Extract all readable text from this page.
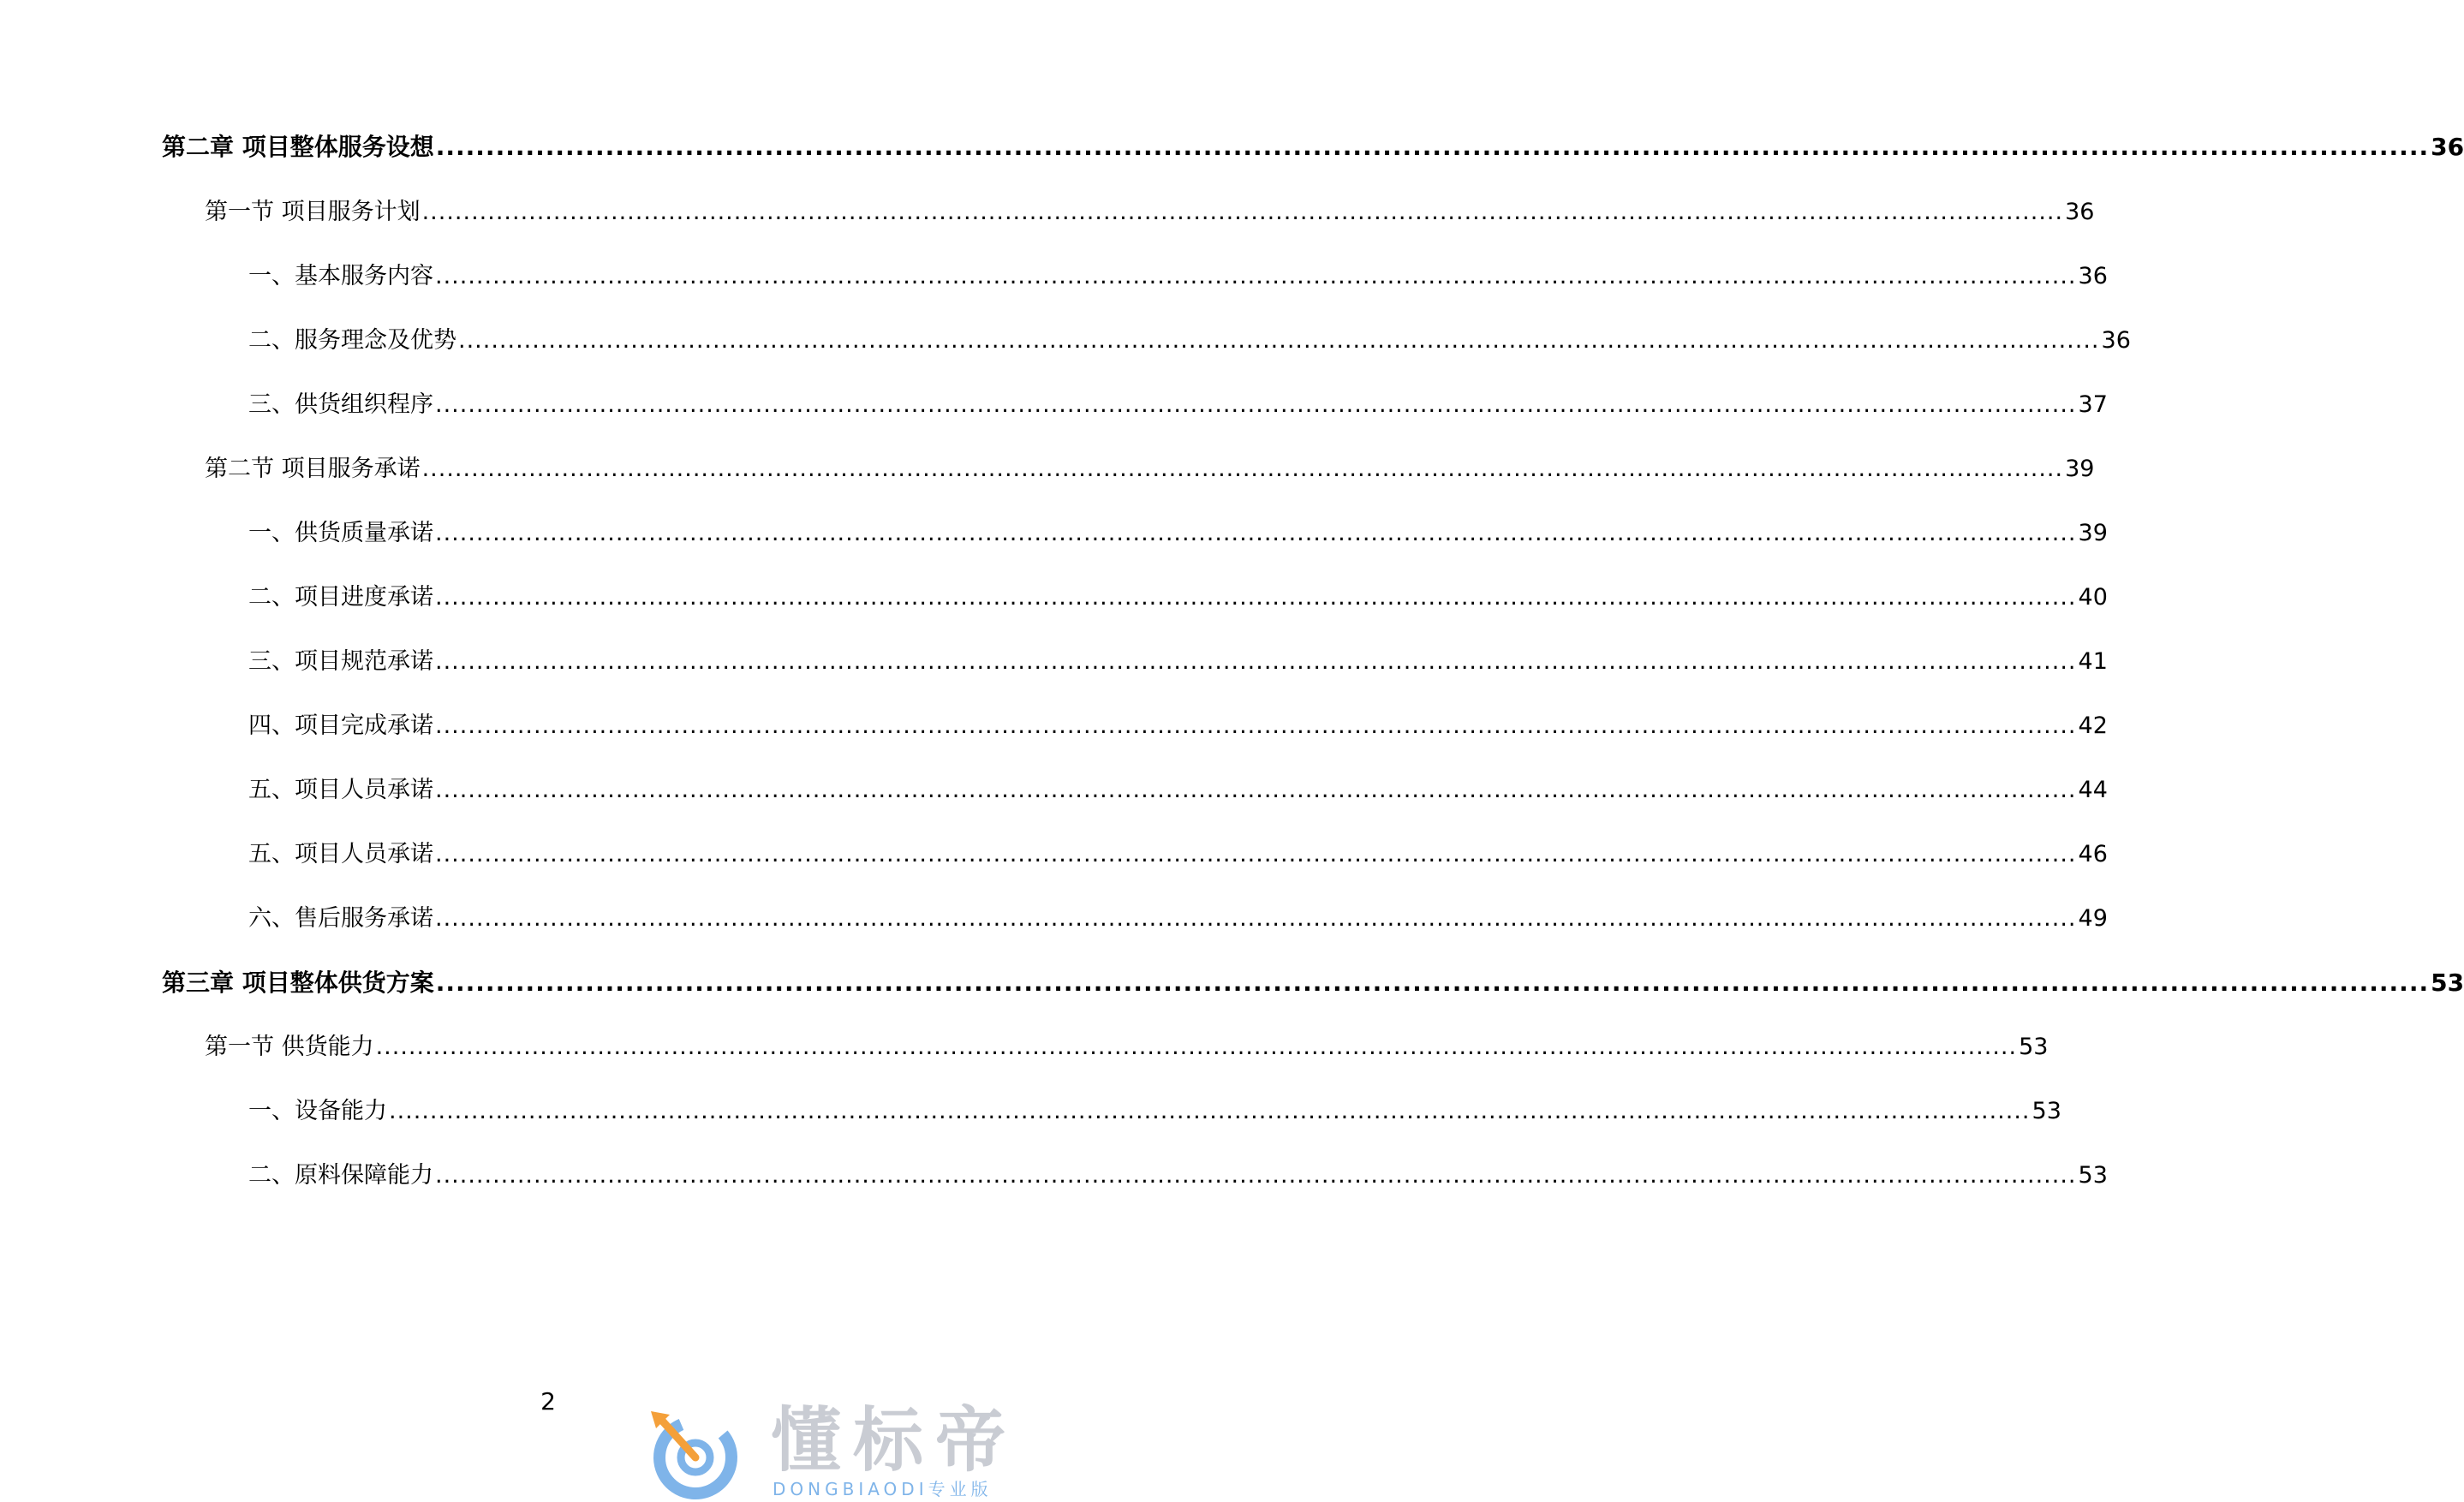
第二章 项目整体服务设想 ........................................................................................................................................................................................................ 36
第一节 项目服务计划 ........................................................................................................................................................................................................ 36
一、基本服务内容 ........................................................................................................................................................................................................ 36
二、服务理念及优势 ........................................................................................................................................................................................................ 36
三、供货组织程序 ........................................................................................................................................................................................................ 37
第二节 项目服务承诺 ........................................................................................................................................................................................................ 39
一、供货质量承诺 ........................................................................................................................................................................................................ 39
二、项目进度承诺 ........................................................................................................................................................................................................ 40
三、项目规范承诺 ........................................................................................................................................................................................................ 41
四、项目完成承诺 ........................................................................................................................................................................................................ 42
五、项目人员承诺 ........................................................................................................................................................................................................ 44
五、项目人员承诺 ........................................................................................................................................................................................................ 46
六、售后服务承诺 ........................................................................................................................................................................................................ 49
第三章 项目整体供货方案 ........................................................................................................................................................................................................ 53
第一节 供货能力 ........................................................................................................................................................................................................ 53
一、设备能力 ........................................................................................................................................................................................................ 53
二、原料保障能力 ........................................................................................................................................................................................................ 53
2	懂标帝
DONGBIAODI专业版
